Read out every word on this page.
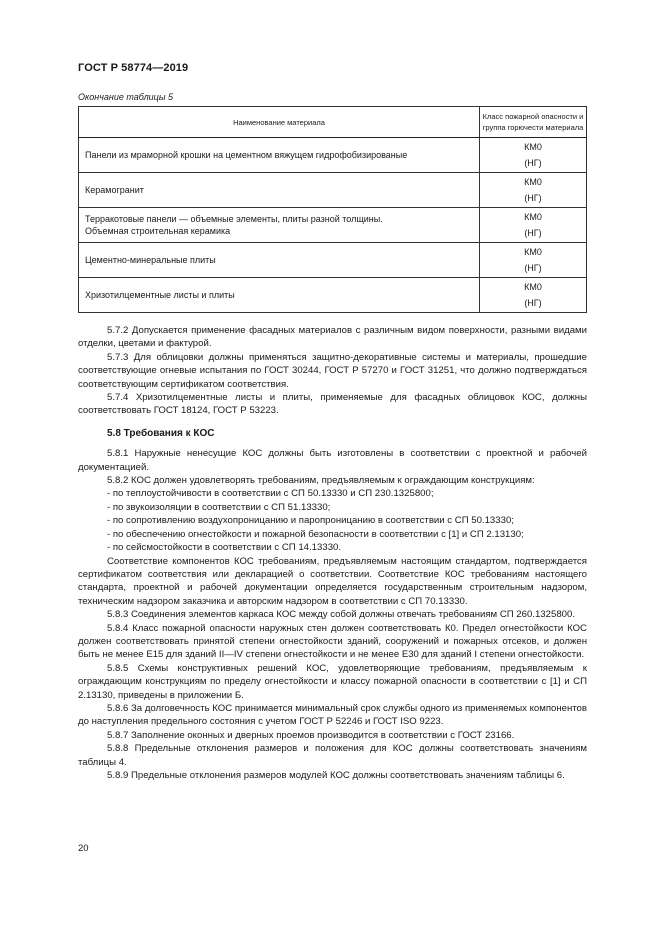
ГОСТ Р 58774—2019
Окончание таблицы 5
Наименование материала	Класс пожарной опасности и
группа горючести материала
Панели из мраморной крошки на цементном вяжущем гидрофобизированые	КМ0
(НГ)
Керамогранит	КМ0
(НГ)
Терракотовые панели — объемные элементы, плиты разной толщины.
Объемная строительная керамика	КМ0
(НГ)
Цементно-минеральные плиты	КМ0
(НГ)
Хризотилцементные листы и плиты	КМ0
(НГ)

5.7.2 Допускается применение фасадных материалов с различным видом поверхности, разными видами отделки, цветами и фактурой.

5.7.3 Для облицовки должны применяться защитно-декоративные системы и материалы, прошедшие соответствующие огневые испытания по ГОСТ 30244, ГОСТ Р 57270 и ГОСТ 31251, что должно подтверждаться соответствующим сертификатом соответствия.

5.7.4 Хризотилцементные листы и плиты, применяемые для фасадных облицовок КОС, должны соответствовать ГОСТ 18124, ГОСТ Р 53223.

5.8 Требования к КОС

5.8.1 Наружные ненесущие КОС должны быть изготовлены в соответствии с проектной и рабочей документацией.

5.8.2 КОС должен удовлетворять требованиям, предъявляемым к ограждающим конструкциям:

- по теплоустойчивости в соответствии с СП 50.13330 и СП 230.1325800;
- по звукоизоляции в соответствии с СП 51.13330;
- по сопротивлению воздухопроницанию и паропроницанию в соответствии с СП 50.13330;
- по обеспечению огнестойкости и пожарной безопасности в соответствии с [1] и СП 2.13130;
- по сейсмостойкости в соответствии с СП 14.13330.

Соответствие компонентов КОС требованиям, предъявляемым настоящим стандартом, подтверждается сертификатом соответствия или декларацией о соответствии. Соответствие КОС требованиям настоящего стандарта, проектной и рабочей документации определяется государственным строительным надзором, техническим надзором заказчика и авторским надзором в соответствии с СП 70.13330.

5.8.3 Соединения элементов каркаса КОС между собой должны отвечать требованиям СП 260.1325800.

5.8.4 Класс пожарной опасности наружных стен должен соответствовать К0. Предел огнестойкости КОС должен соответствовать принятой степени огнестойкости зданий, сооружений и пожарных отсеков, и должен быть не менее Е15 для зданий II—IV степени огнестойкости и не менее Е30 для зданий I степени огнестойкости.

5.8.5 Схемы конструктивных решений КОС, удовлетворяющие требованиям, предъявляемым к ограждающим конструкциям по пределу огнестойкости и классу пожарной опасности в соответствии с [1] и СП 2.13130, приведены в приложении Б.

5.8.6 За долговечность КОС принимается минимальный срок службы одного из применяемых компонентов до наступления предельного состояния с учетом ГОСТ Р 52246 и ГОСТ ISO 9223.

5.8.7 Заполнение оконных и дверных проемов производится в соответствии с ГОСТ 23166.

5.8.8 Предельные отклонения размеров и положения для КОС должны соответствовать значениям таблицы 4.

5.8.9 Предельные отклонения размеров модулей КОС должны соответствовать значениям таблицы 6.

20
